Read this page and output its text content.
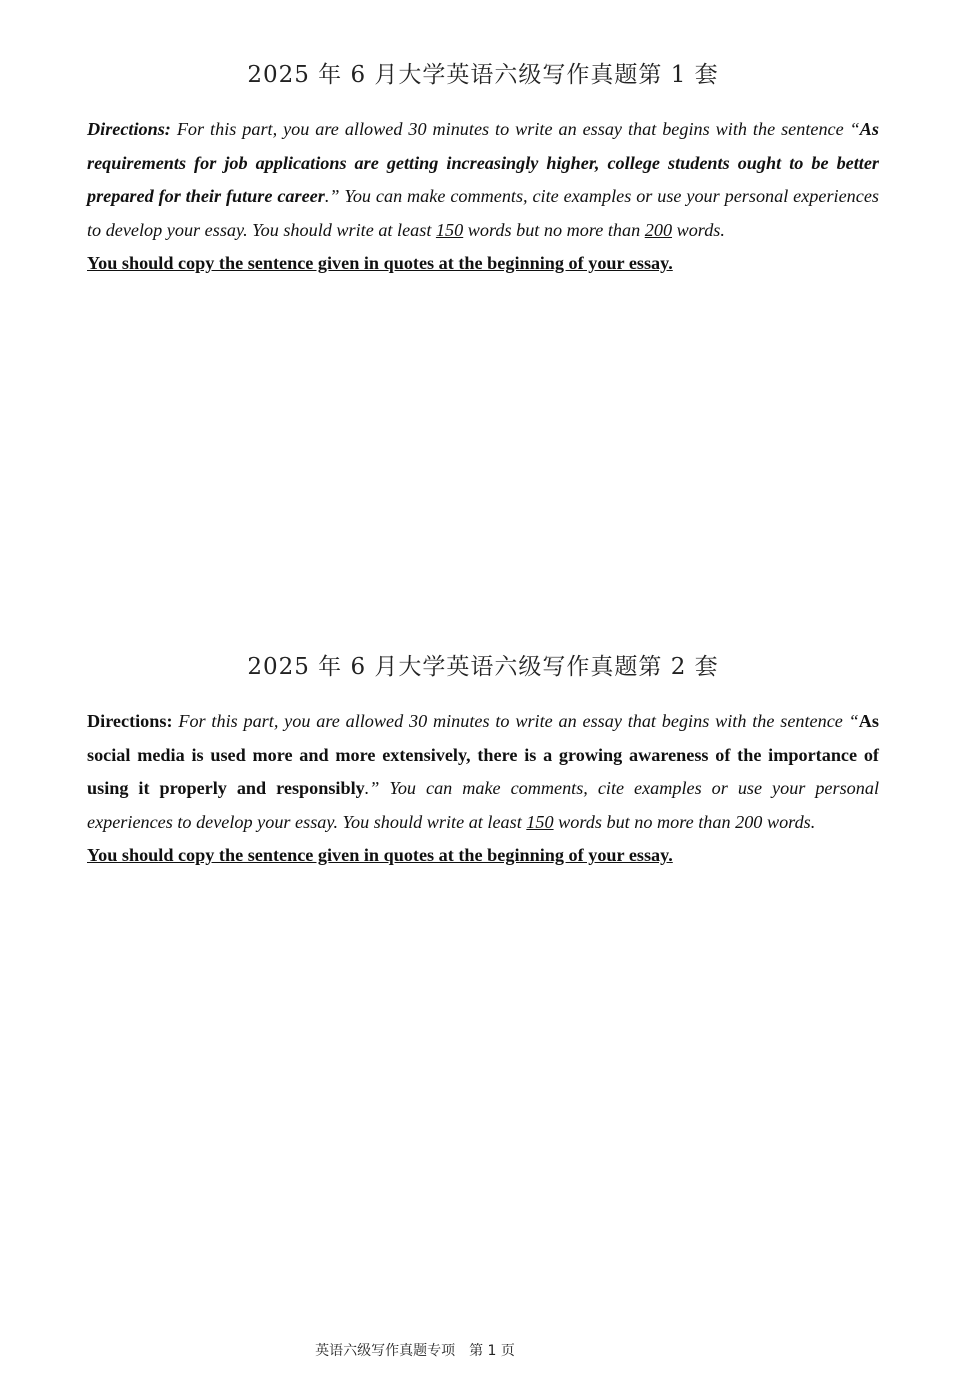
2025 年 6 月大学英语六级写作真题第 1 套

Directions: For this part, you are allowed 30 minutes to write an essay that begins with the sentence “As requirements for job applications are getting increasingly higher, college students ought to be better prepared for their future career.” You can make comments, cite examples or use your personal experiences to develop your essay. You should write at least 150 words but no more than 200 words.

You should copy the sentence given in quotes at the beginning of your essay.

2025 年 6 月大学英语六级写作真题第 2 套

Directions: For this part, you are allowed 30 minutes to write an essay that begins with the sentence “As social media is used more and more extensively, there is a growing awareness of the importance of using it properly and responsibly.” You can make comments, cite examples or use your personal experiences to develop your essay. You should write at least 150 words but no more than 200 words.

You should copy the sentence given in quotes at the beginning of your essay.

英语六级写作真题专项 第 1 页
